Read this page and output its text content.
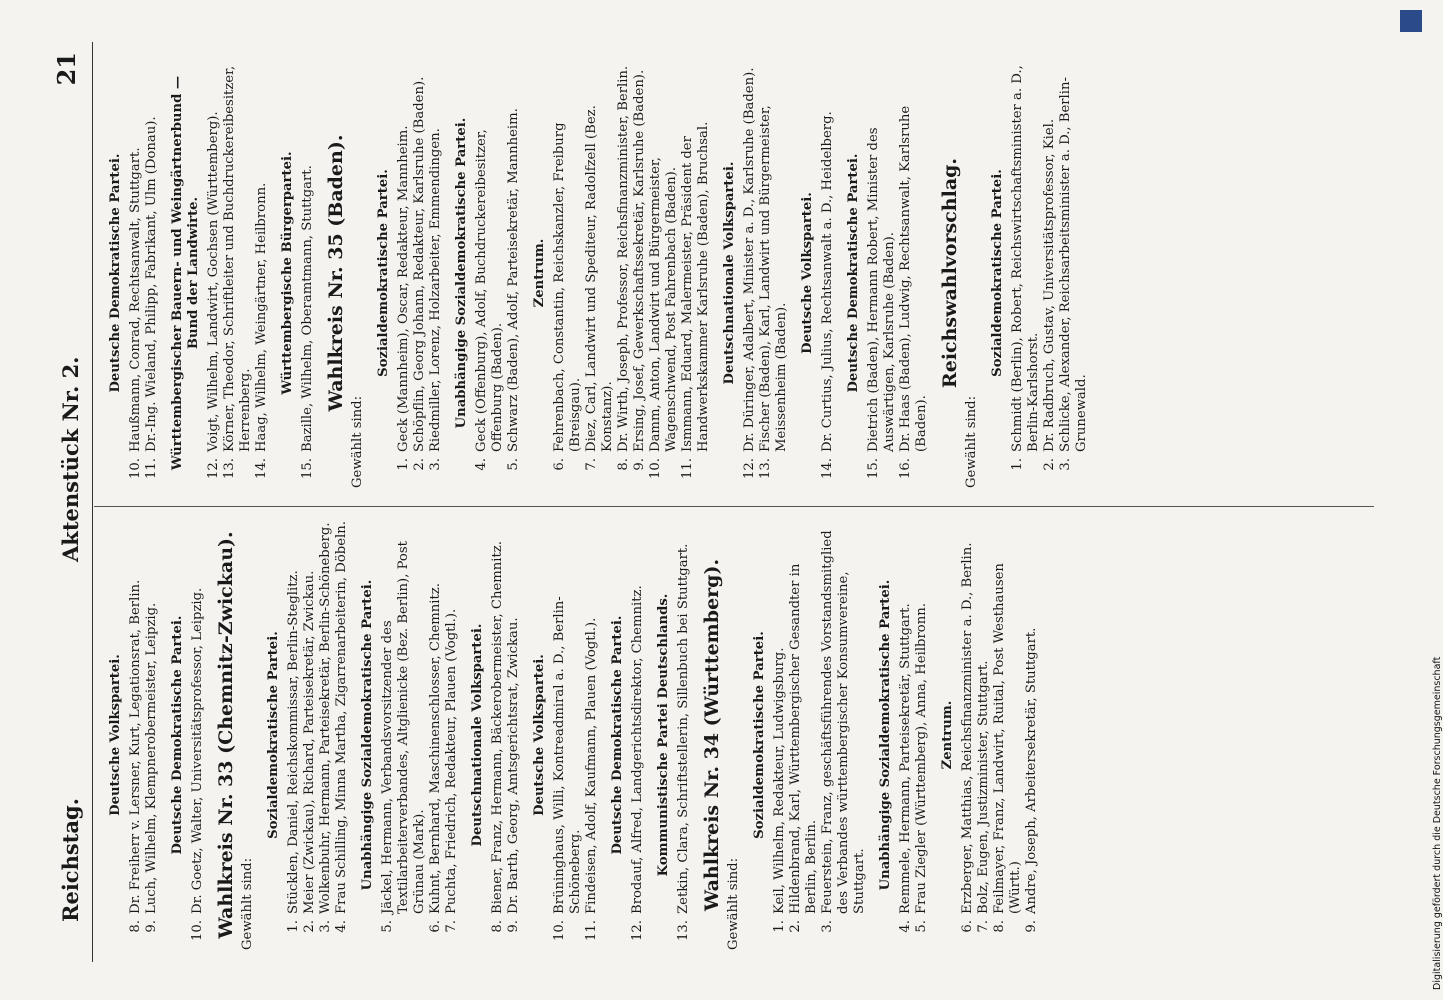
Reichstag.
Aktenstück Nr. 2.
21
Deutsche Volkspartei.
8.
Dr. Freiherr v. Lersner, Kurt, Legationsrat, Berlin.
9.
Luch, Wilhelm, Klempnerobermeister, Leipzig. Deutsche Demokratische Partei.
10.
Dr. Goetz, Walter, Universitätsprofessor, Leipzig. Wahlkreis Nr. 33 (Chemnitz-Zwickau). Gewählt sind:
Sozialdemokratische Partei.
1.
Stücklen, Daniel, Reichskommissar, Berlin-Steglitz.
2.
Meier (Zwickau), Richard, Parteisekretär, Zwickau.
3.
Wolkenbuhr, Hermann, Parteisekretär, Berlin-Schöneberg.
4.
Frau Schilling, Minna Martha, Zigarrenarbeiterin, Döbeln. Unabhängige Sozialdemokratische Partei.
5.
Jäckel, Hermann, Verbandsvorsitzender des Textilarbeiterverbandes, Altglienicke (Bez. Berlin), Post Grünau (Mark).
6.
Kuhnt, Bernhard, Maschinenschlosser, Chemnitz.
7.
Puchta, Friedrich, Redakteur, Plauen (Vogtl.). Deutschnationale Volkspartei.
8.
Biener, Franz, Hermann, Bäckerobermeister, Chemnitz.
9.
Dr. Barth, Georg, Amtsgerichtsrat, Zwickau. Deutsche Volkspartei.
10.
Brüninghaus, Willi, Kontreadmiral a. D., Berlin-Schöneberg.
11.
Findeisen, Adolf, Kaufmann, Plauen (Vogtl.). Deutsche Demokratische Partei.
12.
Brodauf, Alfred, Landgerichtsdirektor, Chemnitz. Kommunistische Partei Deutschlands.
13.
Zetkin, Clara, Schriftstellerin, Sillenbuch bei Stuttgart. Wahlkreis Nr. 34 (Württemberg). Gewählt sind:
Sozialdemokratische Partei.
1.
Keil, Wilhelm, Redakteur, Ludwigsburg.
2.
Hildenbrand, Karl, Württembergischer Gesandter in Berlin, Berlin.
3.
Feuerstein, Franz, geschäftsführendes Vorstandsmitglied des Verbandes württembergischer Konsumvereine, Stuttgart. Unabhängige Sozialdemokratische Partei.
4.
Remmele, Hermann, Parteisekretär, Stuttgart.
5.
Frau Ziegler (Württemberg), Anna, Heilbronn. Zentrum.
6.
Erzberger, Matthias, Reichsfinanzminister a. D., Berlin.
7.
Bolz, Eugen, Justizminister, Stuttgart.
8.
Feilmayer, Franz, Landwirt, Ruital, Post Westhausen (Württ.)
9.
Andre, Joseph, Arbeitersekretär, Stuttgart.
Deutsche Demokratische Partei.
10.
Haußmann, Conrad, Rechtsanwalt, Stuttgart.
11.
Dr.-Ing. Wieland, Philipp, Fabrikant, Ulm (Donau). Württembergischer Bauern- und Weingärtnerbund — Bund der Landwirte.
12.
Voigt, Wilhelm, Landwirt, Gochsen (Württemberg).
13.
Körner, Theodor, Schriftleiter und Buchdruckereibesitzer, Herrenberg.
14.
Haag, Wilhelm, Weingärtner, Heilbronn. Württembergische Bürgerpartei.
15.
Bazille, Wilhelm, Oberamtmann, Stuttgart. Wahlkreis Nr. 35 (Baden).
Gewählt sind:
Sozialdemokratische Partei.
1.
Geck (Mannheim), Oscar, Redakteur, Mannheim.
2.
Schöpflin, Georg Johann, Redakteur, Karlsruhe (Baden).
3.
Riedmiller, Lorenz, Holzarbeiter, Emmendingen. Unabhängige Sozialdemokratische Partei.
4.
Geck (Offenburg), Adolf, Buchdruckereibesitzer, Offenburg (Baden).
5.
Schwarz (Baden), Adolf, Parteisekretär, Mannheim. Zentrum.
6.
Fehrenbach, Constantin, Reichskanzler, Freiburg (Breisgau).
7.
Diez, Carl, Landwirt und Spediteur, Radolfzell (Bez. Konstanz).
8.
Dr. Wirth, Joseph, Professor, Reichsfinanzminister, Berlin.
9.
Ersing, Josef, Gewerkschaftssekretär, Karlsruhe (Baden).
10.
Damm, Anton, Landwirt und Bürgermeister, Wagenschwend, Post Fahrenbach (Baden).
11.
Ismmann, Eduard, Malermeister, Präsident der Handwerkskammer Karlsruhe (Baden), Bruchsal. Deutschnationale Volkspartei.
12.
Dr. Düringer, Adalbert, Minister a. D., Karlsruhe (Baden).
13.
Fischer (Baden), Karl, Landwirt und Bürgermeister, Meissenheim (Baden).
Deutsche Volkspartei.
14.
Dr. Curtius, Julius, Rechtsanwalt a. D., Heidelberg. Deutsche Demokratische Partei.
15.
Dietrich (Baden), Hermann Robert, Minister des Auswärtigen, Karlsruhe (Baden).
16.
Dr. Haas (Baden), Ludwig, Rechtsanwalt, Karlsruhe (Baden).
Reichswahlvorschlag.
Gewählt sind:
Sozialdemokratische Partei.
1.
Schmidt (Berlin), Robert, Reichswirtschaftsminister a. D., Berlin-Karlshorst.
2.
Dr. Radbruch, Gustav, Universitätsprofessor, Kiel.
3.
Schlicke, Alexander, Reichsarbeitsminister a. D., Berlin-Grunewald.
Digitalisierung gefördert durch die Deutsche Forschungsgemeinschaft
